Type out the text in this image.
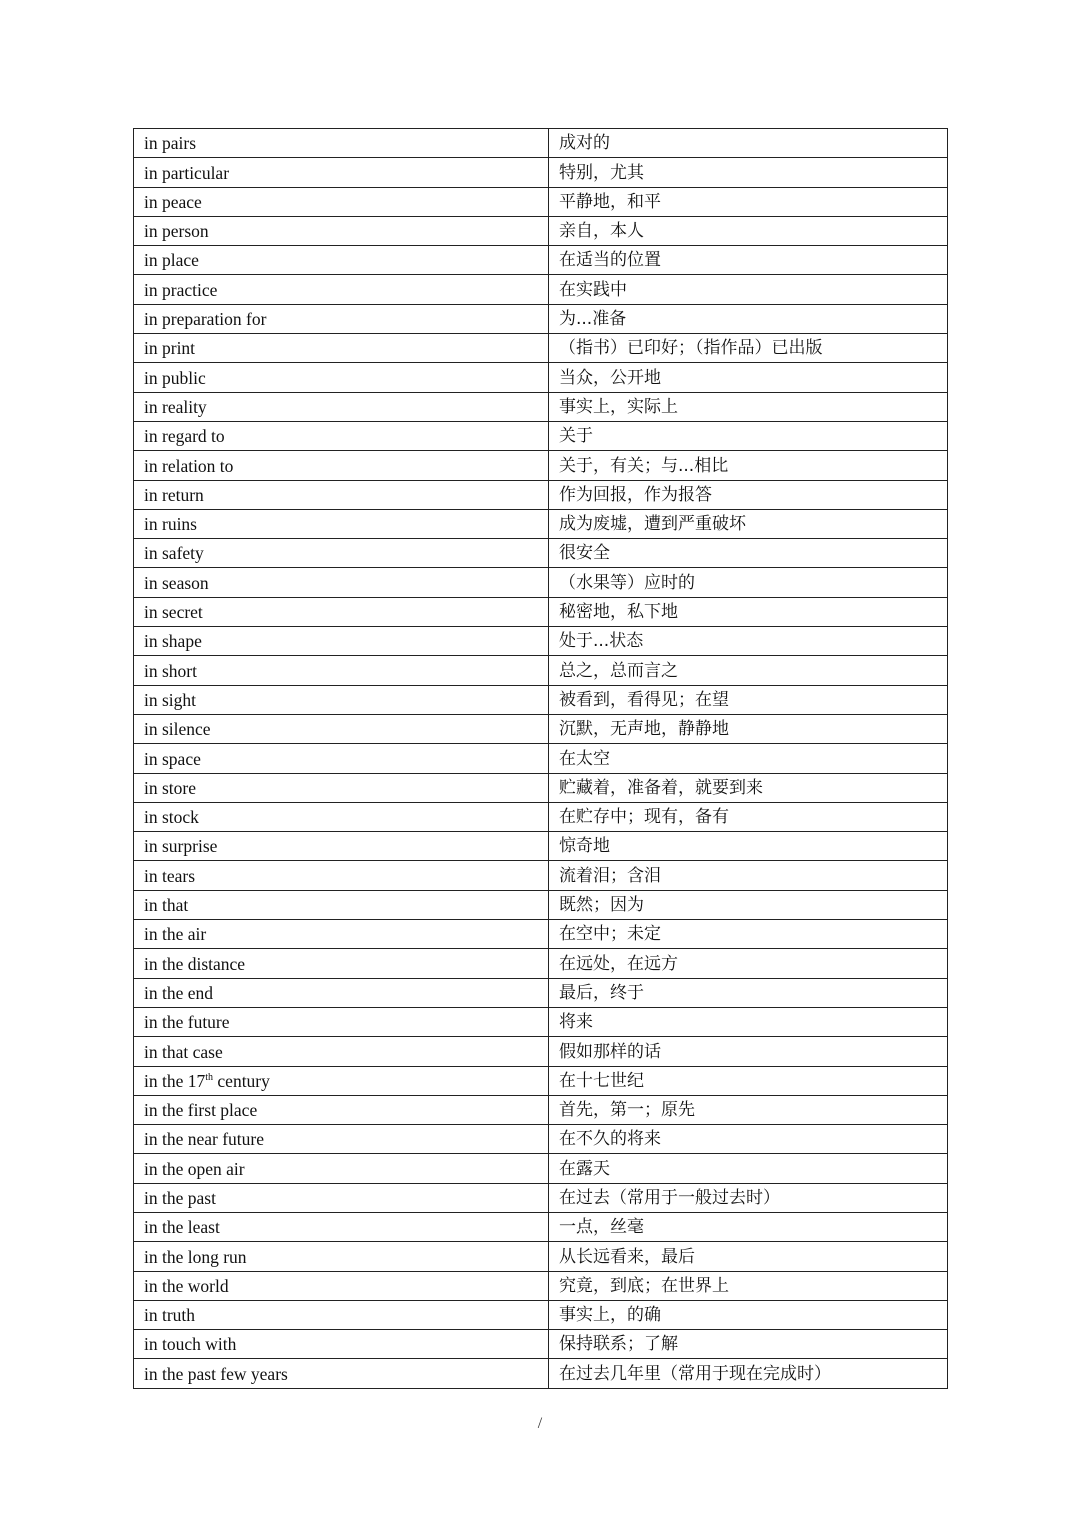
in pairs	成对的
in particular	特别，尤其
in peace	平静地，和平
in person	亲自，本人
in place	在适当的位置
in practice	在实践中
in preparation for	为...准备
in print	（指书）已印好；（指作品）已出版
in public	当众，公开地
in reality	事实上，实际上
in regard to	关于
in relation to	关于，有关；与...相比
in return	作为回报，作为报答
in ruins	成为废墟，遭到严重破坏
in safety	很安全
in season	（水果等）应时的
in secret	秘密地，私下地
in shape	处于...状态
in short	总之，总而言之
in sight	被看到，看得见；在望
in silence	沉默，无声地，静静地
in space	在太空
in store	贮藏着，准备着，就要到来
in stock	在贮存中；现有，备有
in surprise	惊奇地
in tears	流着泪；含泪
in that	既然；因为
in the air	在空中；未定
in the distance	在远处，在远方
in the end	最后，终于
in the future	将来
in that case	假如那样的话
in the 17th century	在十七世纪
in the first place	首先，第一；原先
in the near future	在不久的将来
in the open air	在露天
in the past	在过去（常用于一般过去时）
in the least	一点，丝毫
in the long run	从长远看来，最后
in the world	究竟，到底；在世界上
in truth	事实上，的确
in touch with	保持联系；了解
in the past few years	在过去几年里（常用于现在完成时）
/
